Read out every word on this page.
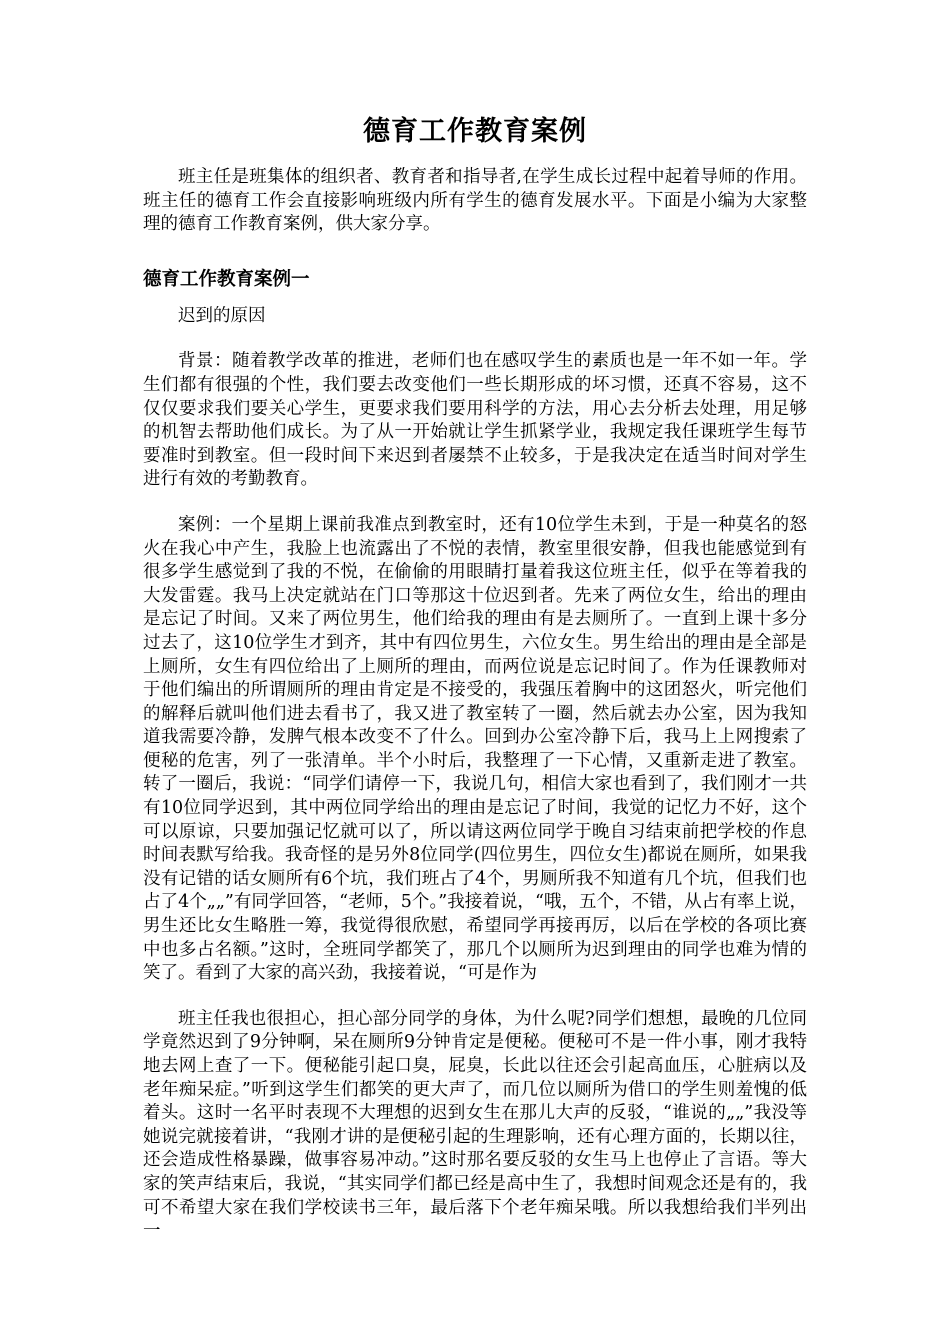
德育工作教育案例

班主任是班集体的组织者、教育者和指导者,在学生成长过程中起着导师的作用。班主任的德育工作会直接影响班级内所有学生的德育发展水平。下面是小编为大家整理的德育工作教育案例，供大家分享。

德育工作教育案例一

迟到的原因

背景：随着教学改革的推进，老师们也在感叹学生的素质也是一年不如一年。学生们都有很强的个性，我们要去改变他们一些长期形成的坏习惯，还真不容易，这不仅仅要求我们要关心学生，更要求我们要用科学的方法，用心去分析去处理，用足够的机智去帮助他们成长。为了从一开始就让学生抓紧学业，我规定我任课班学生每节要准时到教室。但一段时间下来迟到者屡禁不止较多，于是我决定在适当时间对学生进行有效的考勤教育。

案例：一个星期上课前我准点到教室时，还有10位学生未到，于是一种莫名的怒火在我心中产生，我脸上也流露出了不悦的表情，教室里很安静，但我也能感觉到有很多学生感觉到了我的不悦，在偷偷的用眼睛打量着我这位班主任，似乎在等着我的大发雷霆。我马上决定就站在门口等那这十位迟到者。先来了两位女生，给出的理由是忘记了时间。又来了两位男生，他们给我的理由有是去厕所了。一直到上课十多分过去了，这10位学生才到齐，其中有四位男生，六位女生。男生给出的理由是全部是上厕所，女生有四位给出了上厕所的理由，而两位说是忘记时间了。作为任课教师对于他们编出的所谓厕所的理由肯定是不接受的，我强压着胸中的这团怒火，听完他们的解释后就叫他们进去看书了，我又进了教室转了一圈，然后就去办公室，因为我知道我需要冷静，发脾气根本改变不了什么。回到办公室冷静下后，我马上上网搜索了便秘的危害，列了一张清单。半个小时后，我整理了一下心情，又重新走进了教室。转了一圈后，我说：“同学们请停一下，我说几句，相信大家也看到了，我们刚才一共有10位同学迟到，其中两位同学给出的理由是忘记了时间，我觉的记忆力不好，这个可以原谅，只要加强记忆就可以了，所以请这两位同学于晚自习结束前把学校的作息时间表默写给我。我奇怪的是另外8位同学(四位男生，四位女生)都说在厕所，如果我没有记错的话女厕所有6个坑，我们班占了4个，男厕所我不知道有几个坑，但我们也占了4个„„”有同学回答，“老师，5个。”我接着说，“哦，五个，不错，从占有率上说，男生还比女生略胜一筹，我觉得很欣慰，希望同学再接再厉，以后在学校的各项比赛中也多占名额。”这时，全班同学都笑了，那几个以厕所为迟到理由的同学也难为情的笑了。看到了大家的高兴劲，我接着说，“可是作为

班主任我也很担心，担心部分同学的身体，为什么呢?同学们想想，最晚的几位同学竟然迟到了9分钟啊，呆在厕所9分钟肯定是便秘。便秘可不是一件小事，刚才我特地去网上查了一下。便秘能引起口臭，屁臭，长此以往还会引起高血压，心脏病以及老年痴呆症。”听到这学生们都笑的更大声了，而几位以厕所为借口的学生则羞愧的低着头。这时一名平时表现不大理想的迟到女生在那儿大声的反驳，“谁说的„„”我没等她说完就接着讲，“我刚才讲的是便秘引起的生理影响，还有心理方面的，长期以往，还会造成性格暴躁，做事容易冲动。”这时那名要反驳的女生马上也停止了言语。等大家的笑声结束后，我说，“其实同学们都已经是高中生了，我想时间观念还是有的，我可不希望大家在我们学校读书三年，最后落下个老年痴呆哦。所以我想给我们半列出一
